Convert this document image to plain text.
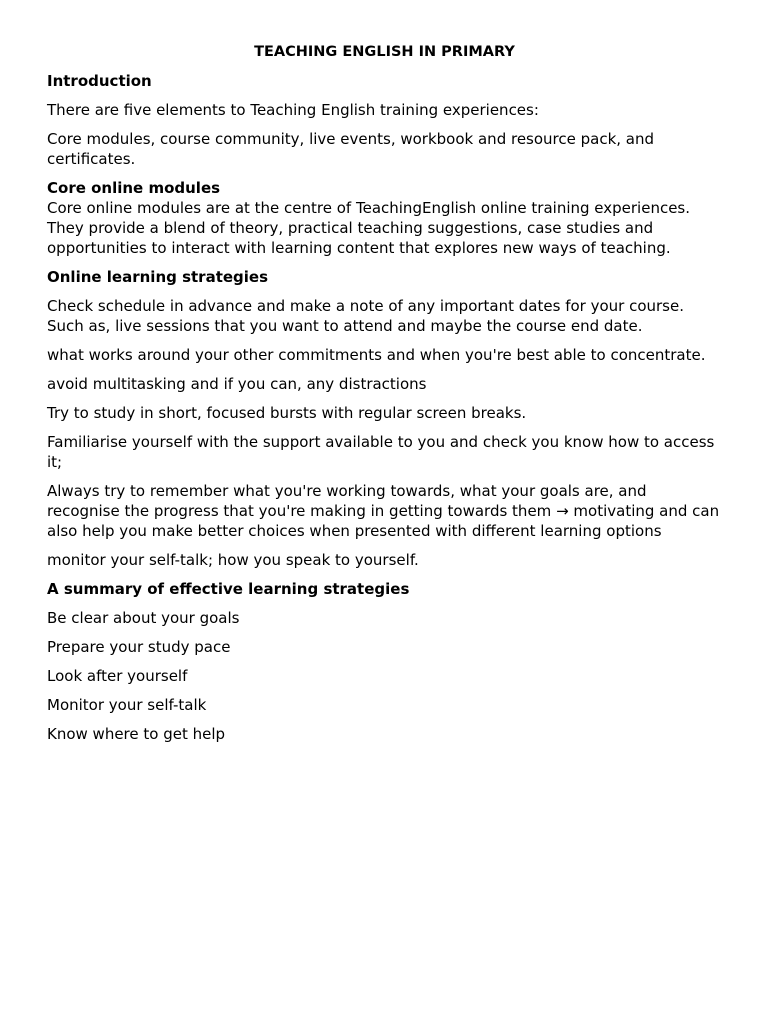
TEACHING ENGLISH IN PRIMARY
Introduction
There are five elements to Teaching English training experiences:
Core modules, course community, live events, workbook and resource pack, and certificates.
Core online modules
Core online modules are at the centre of TeachingEnglish online training experiences. They provide a blend of theory, practical teaching suggestions, case studies and opportunities to interact with learning content that explores new ways of teaching.
Online learning strategies
Check schedule in advance and make a note of any important dates for your course. Such as, live sessions that you want to attend and maybe the course end date.
what works around your other commitments and when you're best able to concentrate.
avoid multitasking and if you can, any distractions
Try to study in short, focused bursts with regular screen breaks.
Familiarise yourself with the support available to you and check you know how to access it;
Always try to remember what you're working towards, what your goals are, and recognise the progress that you're making in getting towards them → motivating and can also help you make better choices when presented with different learning options
monitor your self-talk; how you speak to yourself.
A summary of effective learning strategies
Be clear about your goals
Prepare your study pace
Look after yourself
Monitor your self-talk
Know where to get help
